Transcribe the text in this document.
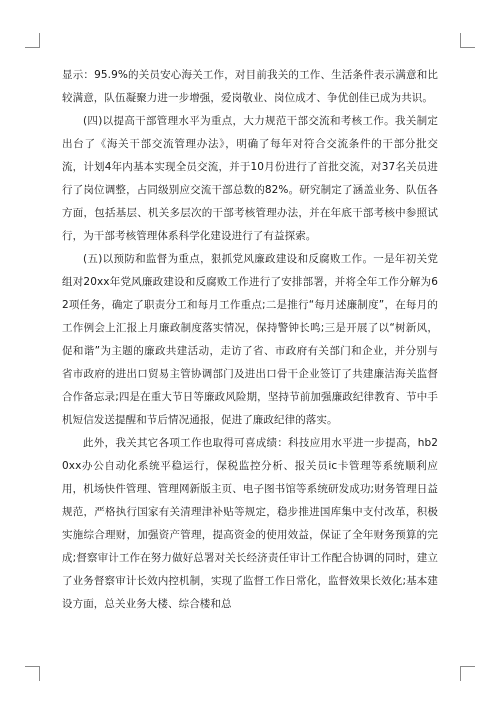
显示：95.9%的关员安心海关工作，对目前我关的工作、生活条件表示满意和比较满意，队伍凝聚力进一步增强，爱岗敬业、岗位成才、争优创佳已成为共识。

(四)以提高干部管理水平为重点，大力规范干部交流和考核工作。我关制定出台了《海关干部交流管理办法》，明确了每年对符合交流条件的干部分批交流，计划4年内基本实现全员交流，并于10月份进行了首批交流，对37名关员进行了岗位调整，占同级别应交流干部总数的82%。研究制定了涵盖业务、队伍各方面，包括基层、机关多层次的干部考核管理办法，并在年底干部考核中参照试行，为干部考核管理体系科学化建设进行了有益探索。

(五)以预防和监督为重点，狠抓党风廉政建设和反腐败工作。一是年初关党组对20xx年党风廉政建设和反腐败工作进行了安排部署，并将全年工作分解为62项任务，确定了职责分工和每月工作重点;二是推行“每月述廉制度”，在每月的工作例会上汇报上月廉政制度落实情况，保持警钟长鸣;三是开展了以“树新风，促和谐”为主题的廉政共建活动，走访了省、市政府有关部门和企业，并分别与省市政府的进出口贸易主管协调部门及进出口骨干企业签订了共建廉洁海关监督合作备忘录;四是在重大节日等廉政风险期，坚持节前加强廉政纪律教育、节中手机短信发送提醒和节后情况通报，促进了廉政纪律的落实。

此外，我关其它各项工作也取得可喜成绩：科技应用水平进一步提高，hb20xx办公自动化系统平稳运行，保税监控分析、报关员ic卡管理等系统顺利应用，机场快件管理、管理网新版主页、电子图书馆等系统研发成功;财务管理日益规范，严格执行国家有关清理津补贴等规定，稳步推进国库集中支付改革，积极实施综合理财，加强资产管理，提高资金的使用效益，保证了全年财务预算的完成;督察审计工作在努力做好总署对关长经济责任审计工作配合协调的同时，建立了业务督察审计长效内控机制，实现了监督工作日常化，监督效果长效化;基本建设方面，总关业务大楼、综合楼和总
